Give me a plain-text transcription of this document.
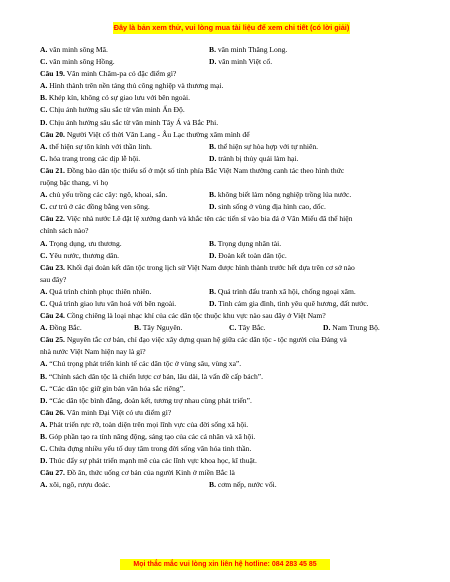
Đây là bản xem thử, vui lòng mua tài liệu để xem chi tiết (có lời giải)
A. văn minh sông Mã.	B. văn minh Thăng Long.
C. văn minh sông Hồng.	D. văn minh Việt cổ.
Câu 19. Văn minh Chăm-pa có đặc điểm gì?
A. Hình thành trên nền tảng thủ công nghiệp và thương mại.
B. Khép kín, không có sự giao lưu với bên ngoài.
C. Chịu ảnh hưởng sâu sắc từ văn minh Ấn Độ.
D. Chịu ảnh hưởng sâu sắc từ văn minh Tây Á và Bắc Phi.
Câu 20. Người Việt cổ thời Văn Lang - Âu Lạc thường xăm mình để
A. thể hiện sự tôn kính với thần linh.	B. thể hiện sự hòa hợp với tự nhiên.
C. hóa trang trong các dịp lễ hội.	D. tránh bị thủy quái làm hại.
Câu 21. Đồng bào dân tộc thiểu số ở một số tỉnh phía Bắc Việt Nam thường canh tác theo hình thức
ruộng bậc thang, vì họ
A. chủ yếu trồng các cây: ngô, khoai, sắn.	B. không biết làm nông nghiệp trồng lúa nước.
C. cư trú ở các đồng bằng ven sông.	D. sinh sống ở vùng địa hình cao, dốc.
Câu 22. Việc nhà nước Lê đặt lệ xướng danh và khắc tên các tiến sĩ vào bia đá ở Văn Miếu đã thể hiện
chính sách nào?
A. Trọng dụng, ưu thương.	B. Trọng dụng nhân tài.
C. Yêu nước, thương dân.	D. Đoàn kết toàn dân tộc.
Câu 23. Khối đại đoàn kết dân tộc trong lịch sử Việt Nam được hình thành trước hết dựa trên cơ sở nào
sau đây?
A. Quá trình chinh phục thiên nhiên.	B. Quá trình đấu tranh xã hội, chống ngoại xâm.
C. Quá trình giao lưu văn hoá với bên ngoài.	D. Tình cảm gia đình, tình yêu quê hương, đất nước.
Câu 24. Cồng chiêng là loại nhạc khí của các dân tộc thuộc khu vực nào sau đây ở Việt Nam?
A. Đồng Bắc.	B. Tây Nguyên.	C. Tây Bắc.	D. Nam Trung Bộ.
Câu 25. Nguyên tắc cơ bản, chỉ đạo việc xây dựng quan hệ giữa các dân tộc - tộc người của Đảng và
nhà nước Việt Nam hiện nay là gì?
A. “Chú trọng phát triển kinh tế các dân tộc ở vùng sâu, vùng xa”.
B. “Chính sách dân tộc là chiến lược cơ bản, lâu dài, là vấn đề cấp bách”.
C. “Các dân tộc giữ gìn bản văn hóa sắc riêng”.
D. “Các dân tộc bình đẳng, đoàn kết, tương trợ nhau cùng phát triển”.
Câu 26. Văn minh Đại Việt có ưu điểm gì?
A. Phát triển rực rỡ, toàn diện trên mọi lĩnh vực của đời sống xã hội.
B. Góp phần tạo ra tính năng động, sáng tạo của các cá nhân và xã hội.
C. Chứa đựng nhiều yếu tố duy tâm trong đời sống văn hóa tinh thần.
D. Thúc đẩy sự phát triển mạnh mẽ của các lĩnh vực khoa học, kĩ thuật.
Câu 27. Đồ ăn, thức uống cơ bản của người Kinh ở miền Bắc là
A. xôi, ngô, rượu đoác.	B. cơm nếp, nước vối.
Mọi thắc mắc vui lòng xin liên hệ hotline: 084 283 45 85
